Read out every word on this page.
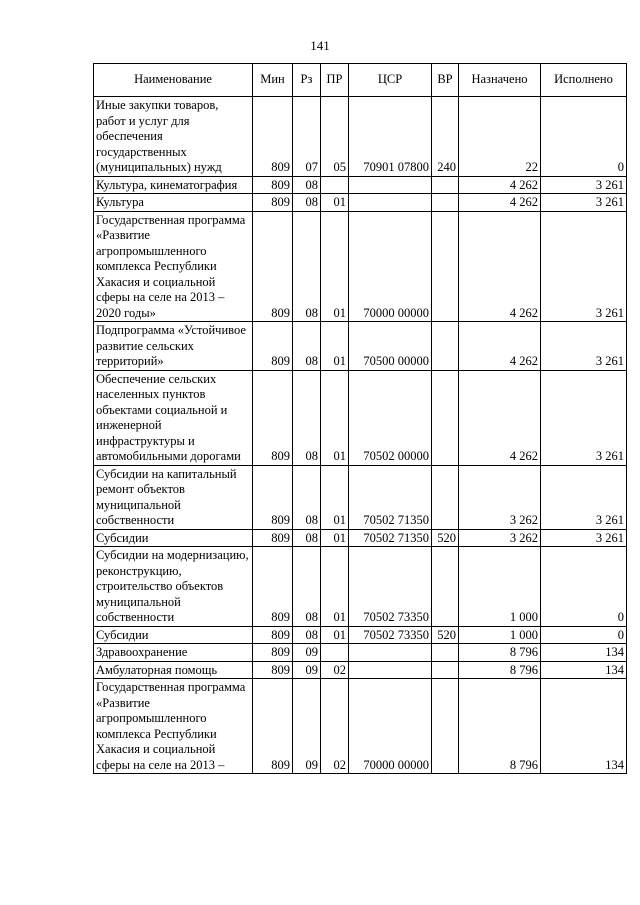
141
Наименование	Мин	Рз	ПР	ЦСР	ВР	Назначено	Исполнено
Иные закупки товаров, работ и услуг для обеспечения государственных (муниципальных) нужд	809	07	05	70901 07800	240	22	0
Культура, кинематография	809	08				4 262	3 261
Культура	809	08	01			4 262	3 261
Государственная программа «Развитие агропромышленного комплекса Республики Хакасия и социальной сферы на селе на 2013 – 2020 годы»	809	08	01	70000 00000		4 262	3 261
Подпрограмма «Устойчивое развитие сельских территорий»	809	08	01	70500 00000		4 262	3 261
Обеспечение сельских населенных пунктов объектами социальной и инженерной инфраструктуры и автомобильными дорогами	809	08	01	70502 00000		4 262	3 261
Субсидии на капитальный ремонт объектов муниципальной собственности	809	08	01	70502 71350		3 262	3 261
Субсидии	809	08	01	70502 71350	520	3 262	3 261
Субсидии на модернизацию, реконструкцию, строительство объектов муниципальной собственности	809	08	01	70502 73350		1 000	0
Субсидии	809	08	01	70502 73350	520	1 000	0
Здравоохранение	809	09				8 796	134
Амбулаторная помощь	809	09	02			8 796	134
Государственная программа «Развитие агропромышленного комплекса Республики Хакасия и социальной сферы на селе на 2013 –	809	09	02	70000 00000		8 796	134
